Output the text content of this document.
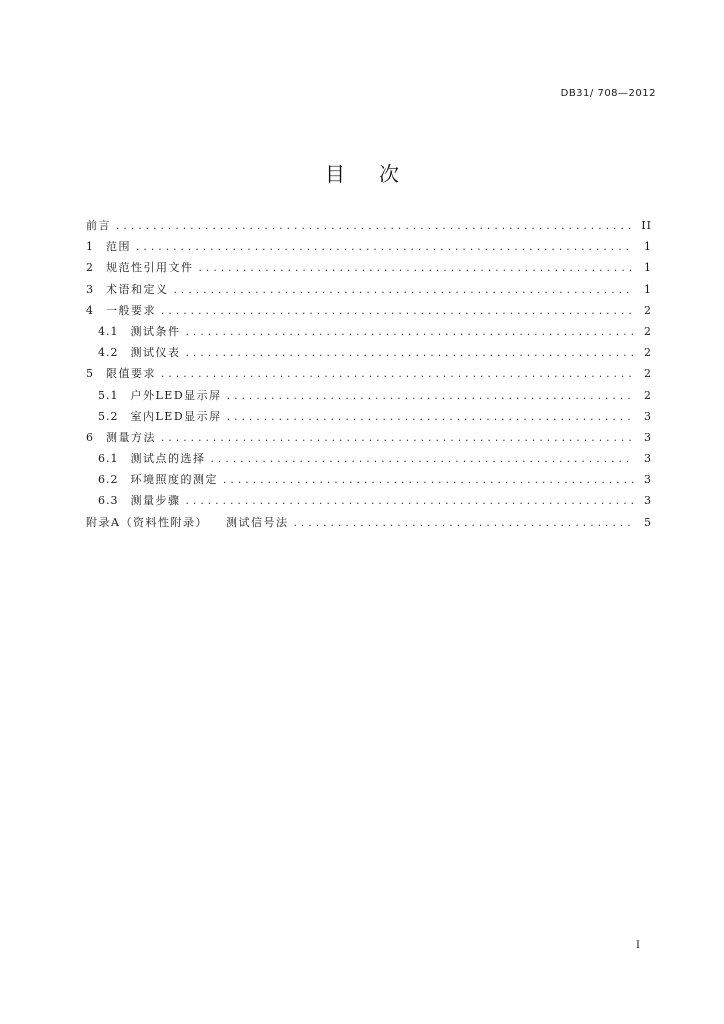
DB31/ 708—2012
目次
前言 .....	II
1 范围 .....	1
2 规范性引用文件 .....	1
3 术语和定义 .....	1
4 一般要求 .....	2
4.1 测试条件 .....	2
4.2 测试仪表 .....	2
5 限值要求 .....	2
5.1 户外LED显示屏 .....	2
5.2 室内LED显示屏 .....	3
6 测量方法 .....	3
6.1 测试点的选择 .....	3
6.2 环境照度的测定 .....	3
6.3 测量步骤 .....	3
附录A（资料性附录） 测试信号法 .....	5
I
